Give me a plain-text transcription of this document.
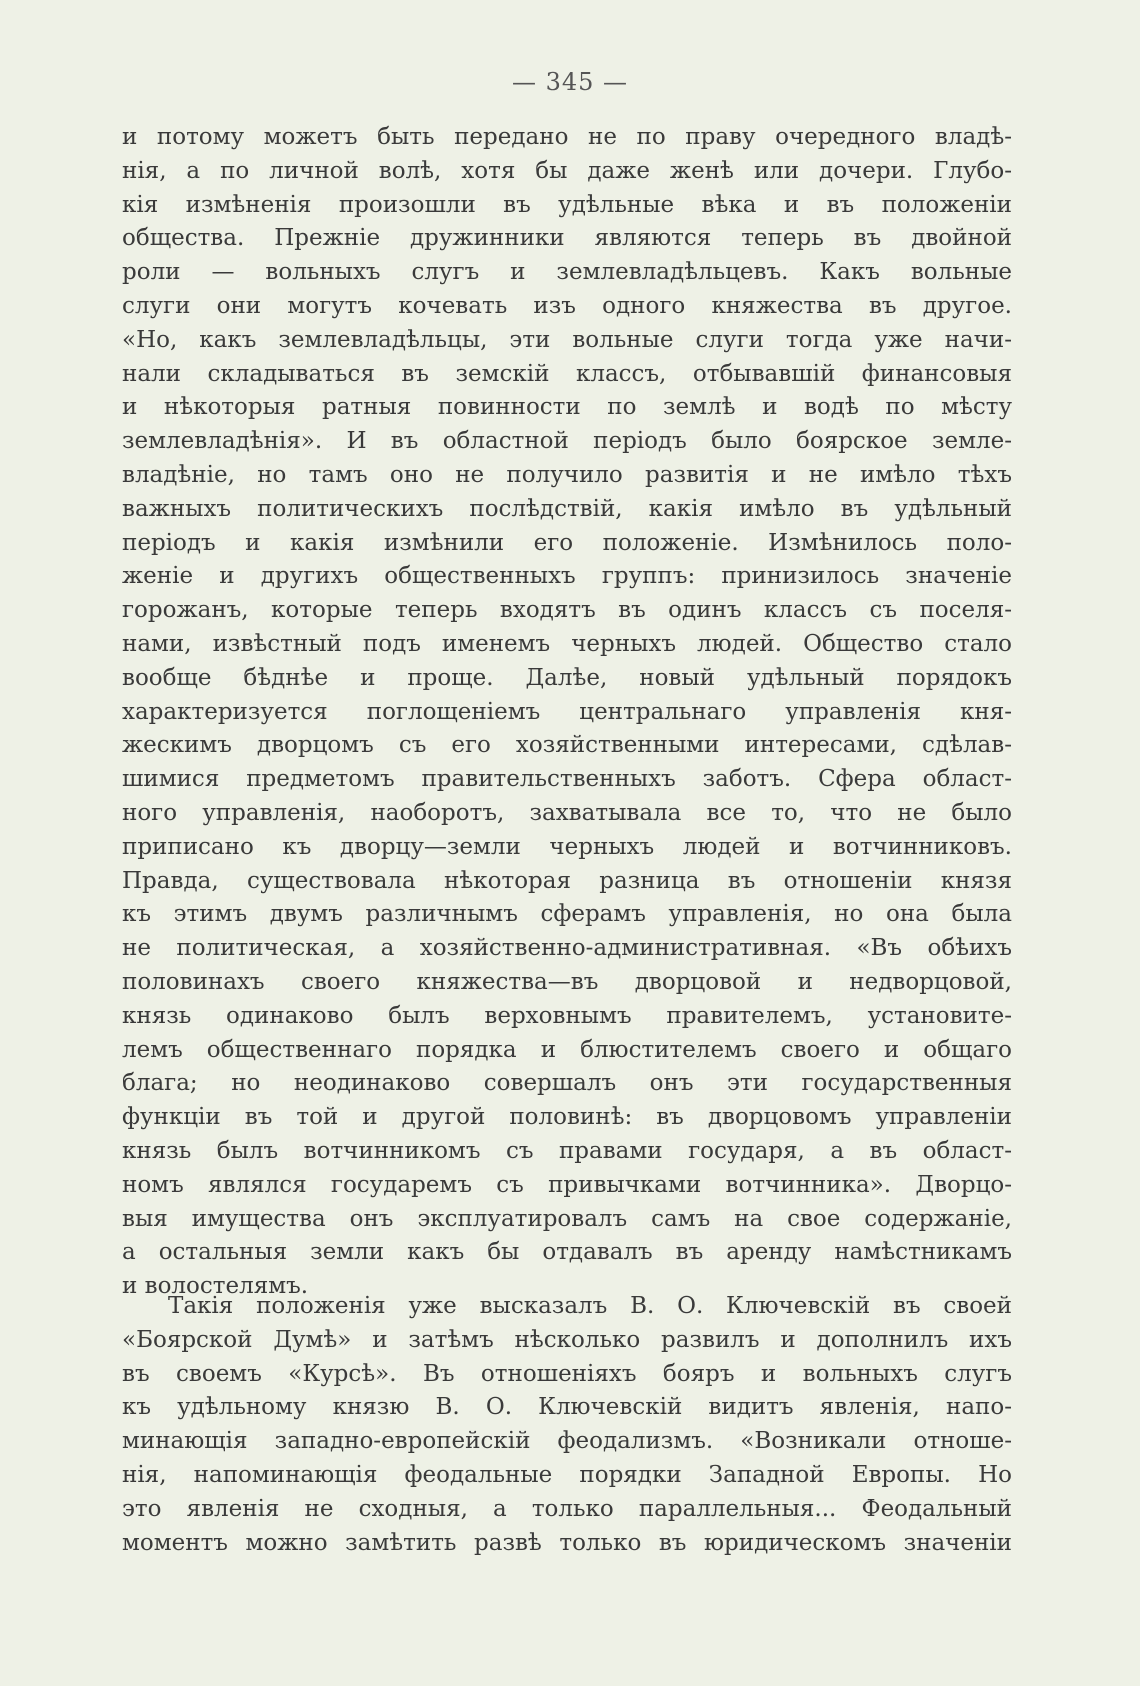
— 345 —
и потому можетъ быть передано не по праву очередного владѣ-
нія, а по личной волѣ, хотя бы даже женѣ или дочери. Глубо-
кія измѣненія произошли въ удѣльные вѣка и въ положеніи
общества. Прежніе дружинники являются теперь въ двойной
роли — вольныхъ слугъ и землевладѣльцевъ. Какъ вольные
слуги они могутъ кочевать изъ одного княжества въ другое.
«Но, какъ землевладѣльцы, эти вольные слуги тогда уже начи-
нали складываться въ земскій классъ, отбывавшій финансовыя
и нѣкоторыя ратныя повинности по землѣ и водѣ по мѣсту
землевладѣнія». И въ областной періодъ было боярское земле-
владѣніе, но тамъ оно не получило развитія и не имѣло тѣхъ
важныхъ политическихъ послѣдствій, какія имѣло въ удѣльный
періодъ и какія измѣнили его положеніе. Измѣнилось поло-
женіе и другихъ общественныхъ группъ: принизилось значеніе
горожанъ, которые теперь входятъ въ одинъ классъ съ поселя-
нами, извѣстный подъ именемъ черныхъ людей. Общество стало
вообще бѣднѣе и проще. Далѣе, новый удѣльный порядокъ
характеризуется поглощеніемъ центральнаго управленія кня-
жескимъ дворцомъ съ его хозяйственными интересами, сдѣлав-
шимися предметомъ правительственныхъ заботъ. Сфера област-
ного управленія, наоборотъ, захватывала все то, что не было
приписано къ дворцу—земли черныхъ людей и вотчинниковъ.
Правда, существовала нѣкоторая разница въ отношеніи князя
къ этимъ двумъ различнымъ сферамъ управленія, но она была
не политическая, а хозяйственно-административная. «Въ обѣихъ
половинахъ своего княжества—въ дворцовой и недворцовой,
князь одинаково былъ верховнымъ правителемъ, установите-
лемъ общественнаго порядка и блюстителемъ своего и общаго
блага; но неодинаково совершалъ онъ эти государственныя
функціи въ той и другой половинѣ: въ дворцовомъ управленіи
князь былъ вотчинникомъ съ правами государя, а въ област-
номъ являлся государемъ съ привычками вотчинника». Дворцо-
выя имущества онъ эксплуатировалъ самъ на свое содержаніе,
а остальныя земли какъ бы отдавалъ въ аренду намѣстникамъ
и волостелямъ.
Такія положенія уже высказалъ В. О. Ключевскій въ своей
«Боярской Думѣ» и затѣмъ нѣсколько развилъ и дополнилъ ихъ
въ своемъ «Курсѣ». Въ отношеніяхъ бояръ и вольныхъ слугъ
къ удѣльному князю В. О. Ключевскій видитъ явленія, напо-
минающія западно-европейскій феодализмъ. «Возникали отноше-
нія, напоминающія феодальные порядки Западной Европы. Но
это явленія не сходныя, а только параллельныя... Феодальный
моментъ можно замѣтить развѣ только въ юридическомъ значеніи
